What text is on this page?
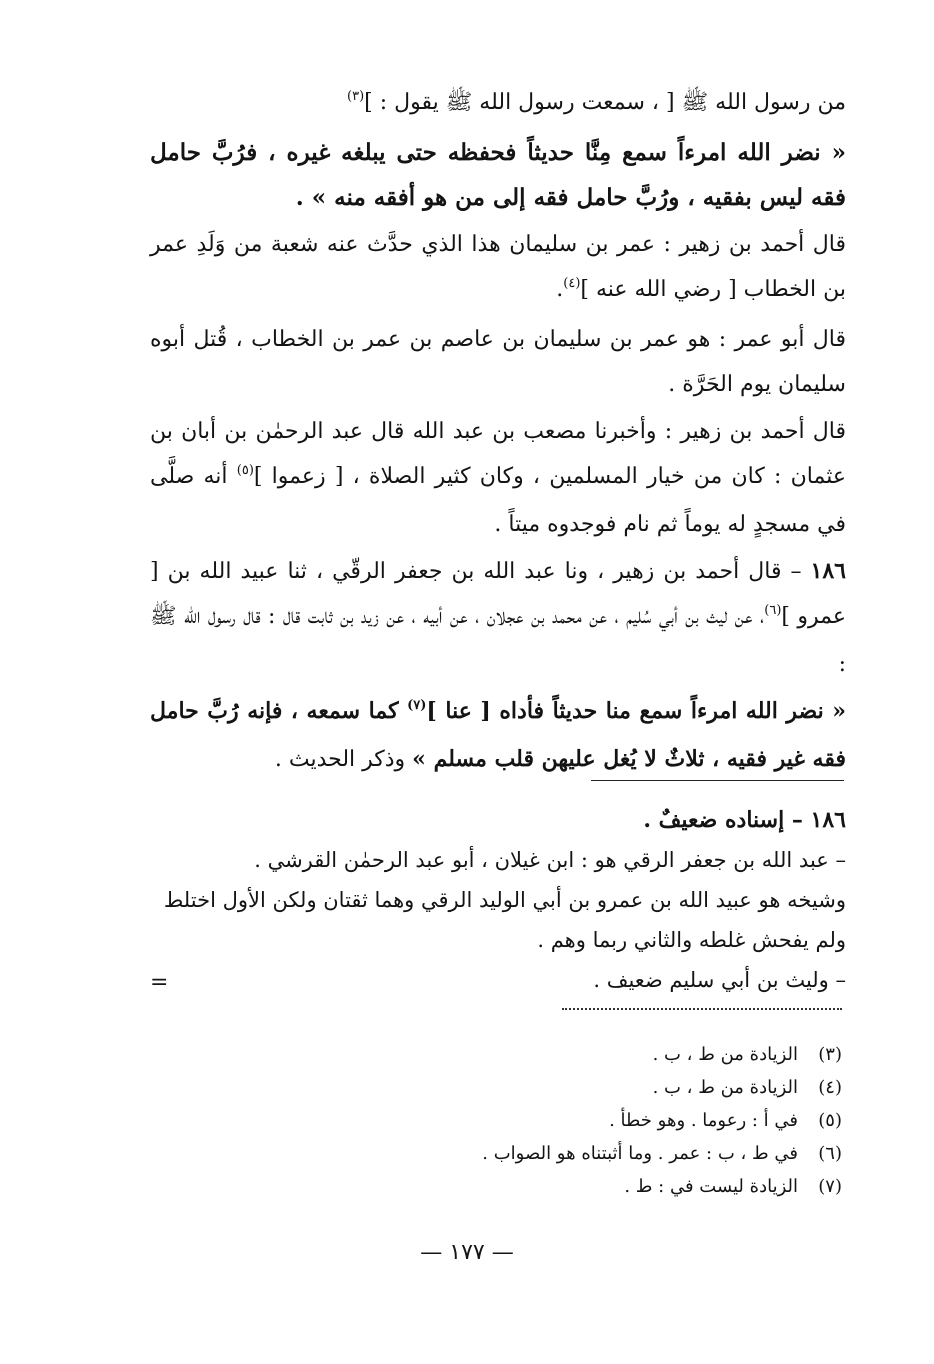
من رسول الله ﷺ [ ، سمعت رسول الله ﷺ يقول : ]$^{(٣)}$
« نضر الله امرءاً سمع مِنَّا حديثاً فحفظه حتى يبلغه غيره ، فرُبَّ حامل فقه ليس بفقيه ، ورُبَّ حامل فقه إلى من هو أفقه منه » .
قال أحمد بن زهير : عمر بن سليمان هذا الذي حدَّث عنه شعبة من وَلَدِ عمر بن الخطاب [ رضي الله عنه ]$^{(٤)}$.
قال أبو عمر : هو عمر بن سليمان بن عاصم بن عمر بن الخطاب ، قُتل أبوه سليمان يوم الحَرَّة .
قال أحمد بن زهير : وأخبرنا مصعب بن عبد الله قال عبد الرحمٰن بن أبان بن عثمان : كان من خيار المسلمين ، وكان كثير الصلاة ، [ زعموا ]$^{(٥)}$ أنه صلَّى في مسجدٍ له يوماً ثم نام فوجدوه ميتاً .
١٨٦ – قال أحمد بن زهير ، ونا عبد الله بن جعفر الرقّي ، ثنا عبيد الله بن [ عمرو ]$^{(٦)}$، عن ليث بن أبي سُليم ، عن محمد بن عجلان ، عن أبيه ، عن زيد بن ثابت قال : قال رسول الله ﷺ :
« نضر الله امرءاً سمع منا حديثاً فأداه [ عنا ]$^{(٧)}$ كما سمعه ، فإنه رُبَّ حامل فقه غير فقيه ، ثلاثٌ لا يُغل عليهن قلب مسلم » وذكر الحديث .
١٨٦ – إسناده ضعيفٌ .
– عبد الله بن جعفر الرقي هو : ابن غيلان ، أبو عبد الرحمٰن القرشي .
وشيخه هو عبيد الله بن عمرو بن أبي الوليد الرقي وهما ثقتان ولكن الأول اختلط ولم يفحش غلطه والثاني ربما وهم .
– وليث بن أبي سليم ضعيف .
=
(٣)
الزيادة من ط ، ب .
(٤)
الزيادة من ط ، ب .
(٥)
في أ : رعوما . وهو خطأ .
(٦)
في ط ، ب : عمر . وما أثبتناه هو الصواب .
(٧)
الزيادة ليست في : ط .
— ١٧٧ —
